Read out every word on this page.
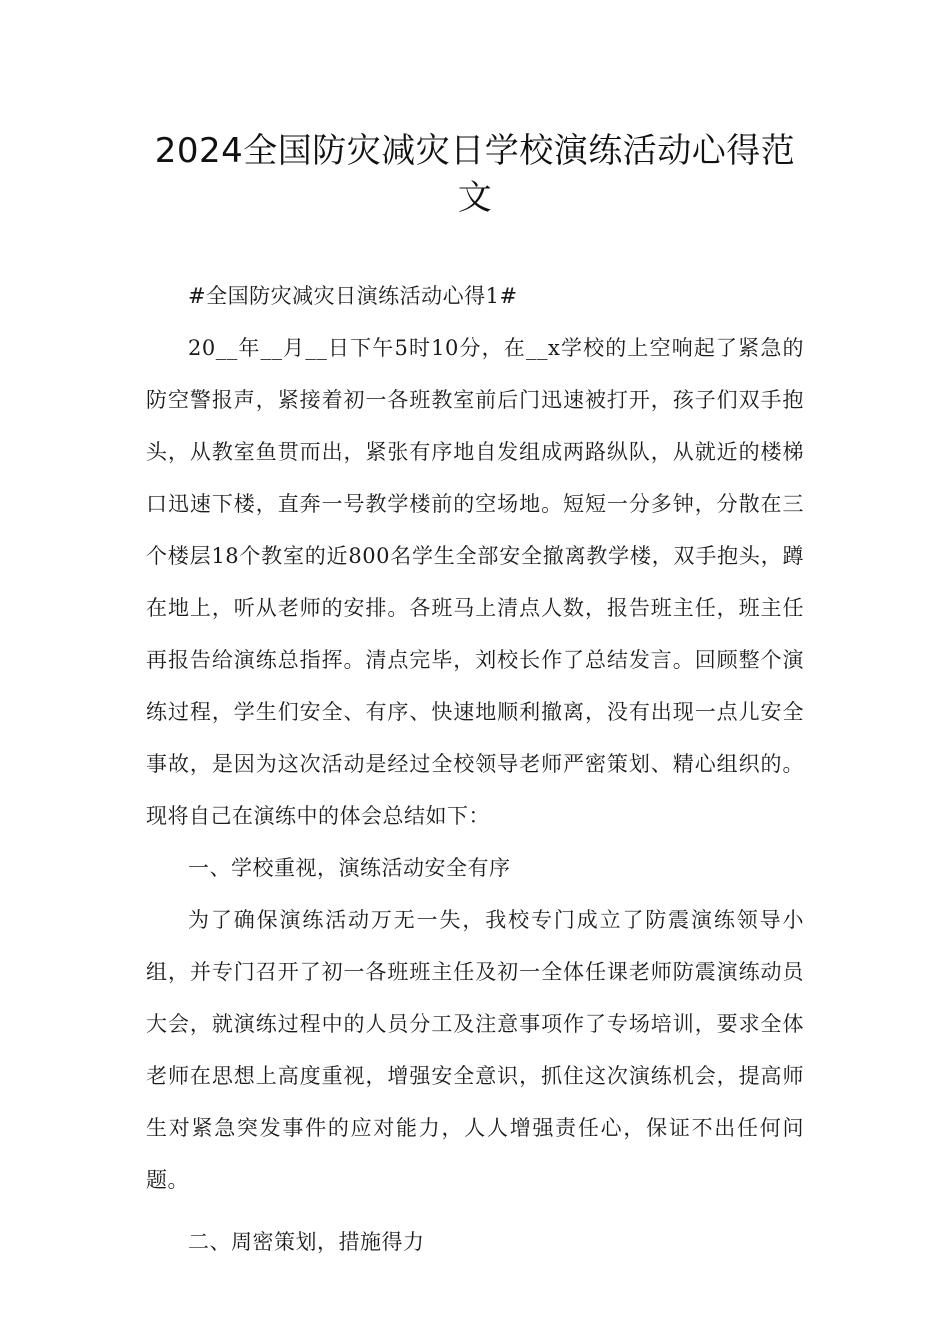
2024全国防灾减灾日学校演练活动心得范文

#全国防灾减灾日演练活动心得1#

20__年__月__日下午5时10分，在__x学校的上空响起了紧急的防空警报声，紧接着初一各班教室前后门迅速被打开，孩子们双手抱头，从教室鱼贯而出，紧张有序地自发组成两路纵队，从就近的楼梯口迅速下楼，直奔一号教学楼前的空场地。短短一分多钟，分散在三个楼层18个教室的近800名学生全部安全撤离教学楼，双手抱头，蹲在地上，听从老师的安排。各班马上清点人数，报告班主任，班主任再报告给演练总指挥。清点完毕，刘校长作了总结发言。回顾整个演练过程，学生们安全、有序、快速地顺利撤离，没有出现一点儿安全事故，是因为这次活动是经过全校领导老师严密策划、精心组织的。现将自己在演练中的体会总结如下：

一、学校重视，演练活动安全有序

为了确保演练活动万无一失，我校专门成立了防震演练领导小组，并专门召开了初一各班班主任及初一全体任课老师防震演练动员大会，就演练过程中的人员分工及注意事项作了专场培训，要求全体老师在思想上高度重视，增强安全意识，抓住这次演练机会，提高师生对紧急突发事件的应对能力，人人增强责任心，保证不出任何问题。

二、周密策划，措施得力
